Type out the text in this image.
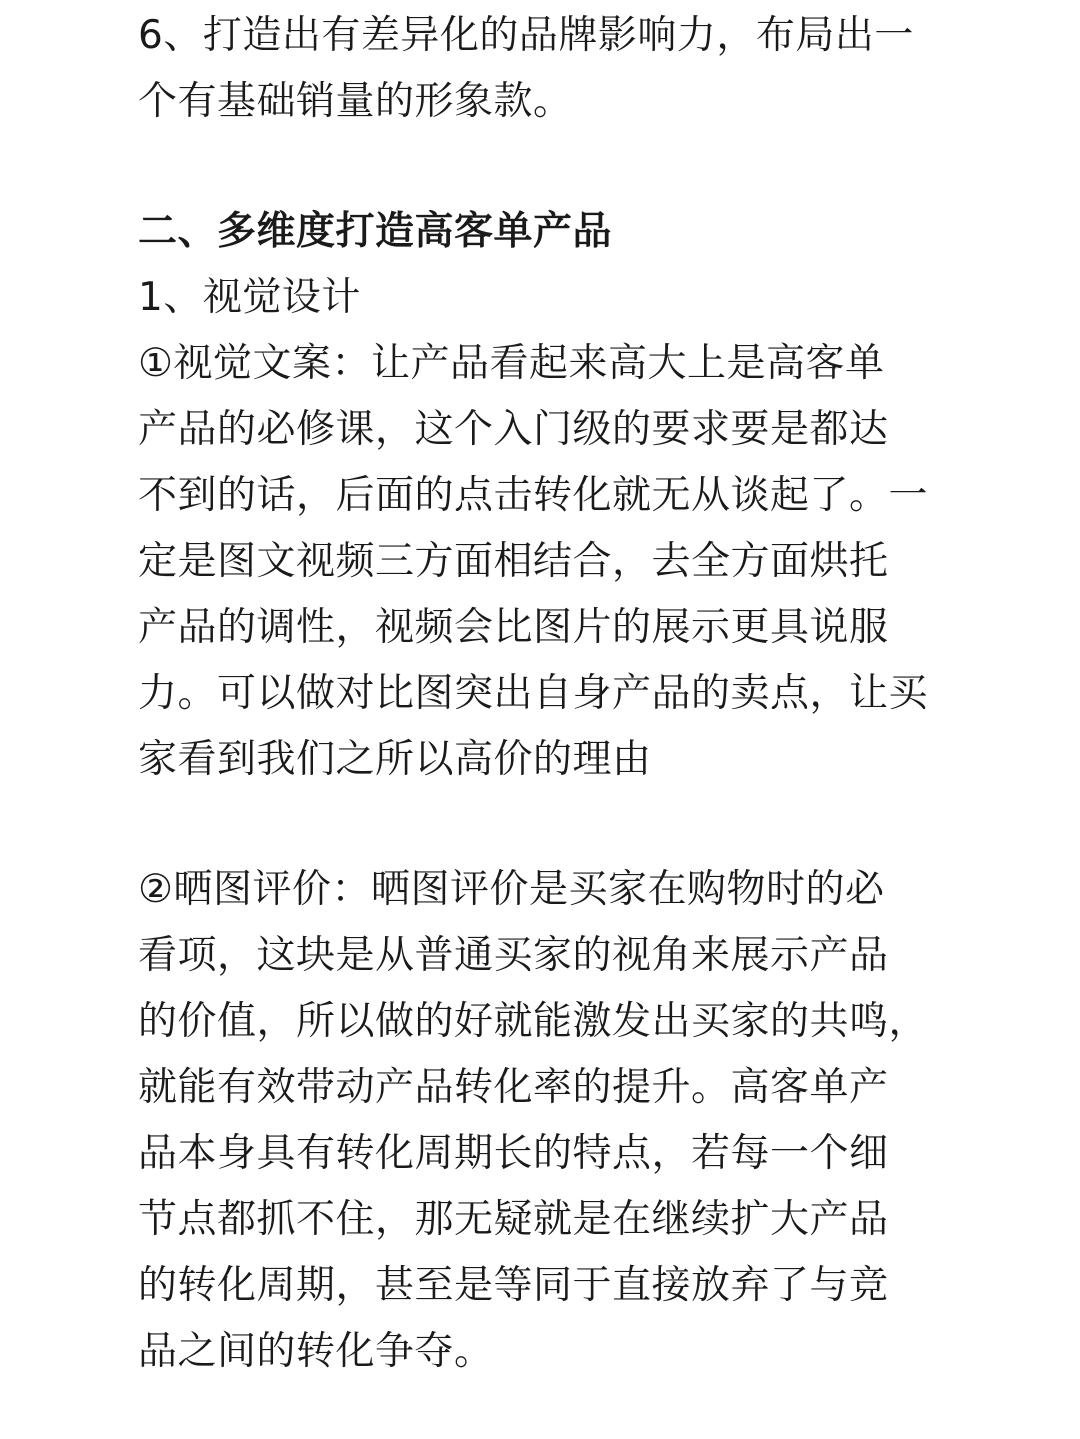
6、打造出有差异化的品牌影响力，布局出一
个有基础销量的形象款。
二、多维度打造高客单产品
1、视觉设计
①视觉文案：让产品看起来高大上是高客单
产品的必修课，这个入门级的要求要是都达
不到的话，后面的点击转化就无从谈起了。一
定是图文视频三方面相结合，去全方面烘托
产品的调性，视频会比图片的展示更具说服
力。可以做对比图突出自身产品的卖点，让买
家看到我们之所以高价的理由
②晒图评价：晒图评价是买家在购物时的必
看项，这块是从普通买家的视角来展示产品
的价值，所以做的好就能激发出买家的共鸣，
就能有效带动产品转化率的提升。高客单产
品本身具有转化周期长的特点，若每一个细
节点都抓不住，那无疑就是在继续扩大产品
的转化周期，甚至是等同于直接放弃了与竞
品之间的转化争夺。
